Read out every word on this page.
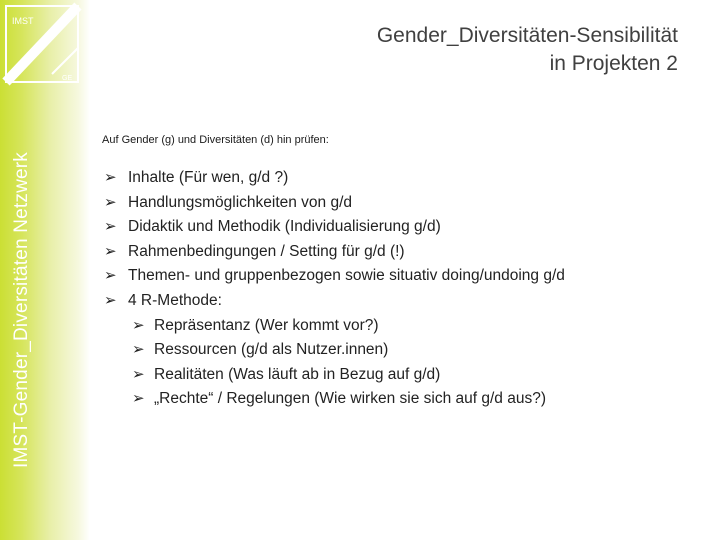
IMST
GE
IMST-Gender_Diversitäten Netzwerk
Gender_Diversitäten-Sensibilität
in Projekten 2
Auf Gender (g) und Diversitäten (d) hin prüfen:
➢ Inhalte (Für wen, g/d ?)
➢ Handlungsmöglichkeiten von g/d
➢ Didaktik und Methodik (Individualisierung g/d)
➢ Rahmenbedingungen / Setting für g/d (!)
➢ Themen- und gruppenbezogen sowie situativ doing/undoing g/d
➢ 4 R-Methode:
➢ Repräsentanz (Wer kommt vor?)
➢ Ressourcen (g/d als Nutzer.innen)
➢ Realitäten (Was läuft ab in Bezug auf g/d)
➢ „Rechte“ / Regelungen (Wie wirken sie sich auf g/d aus?)
